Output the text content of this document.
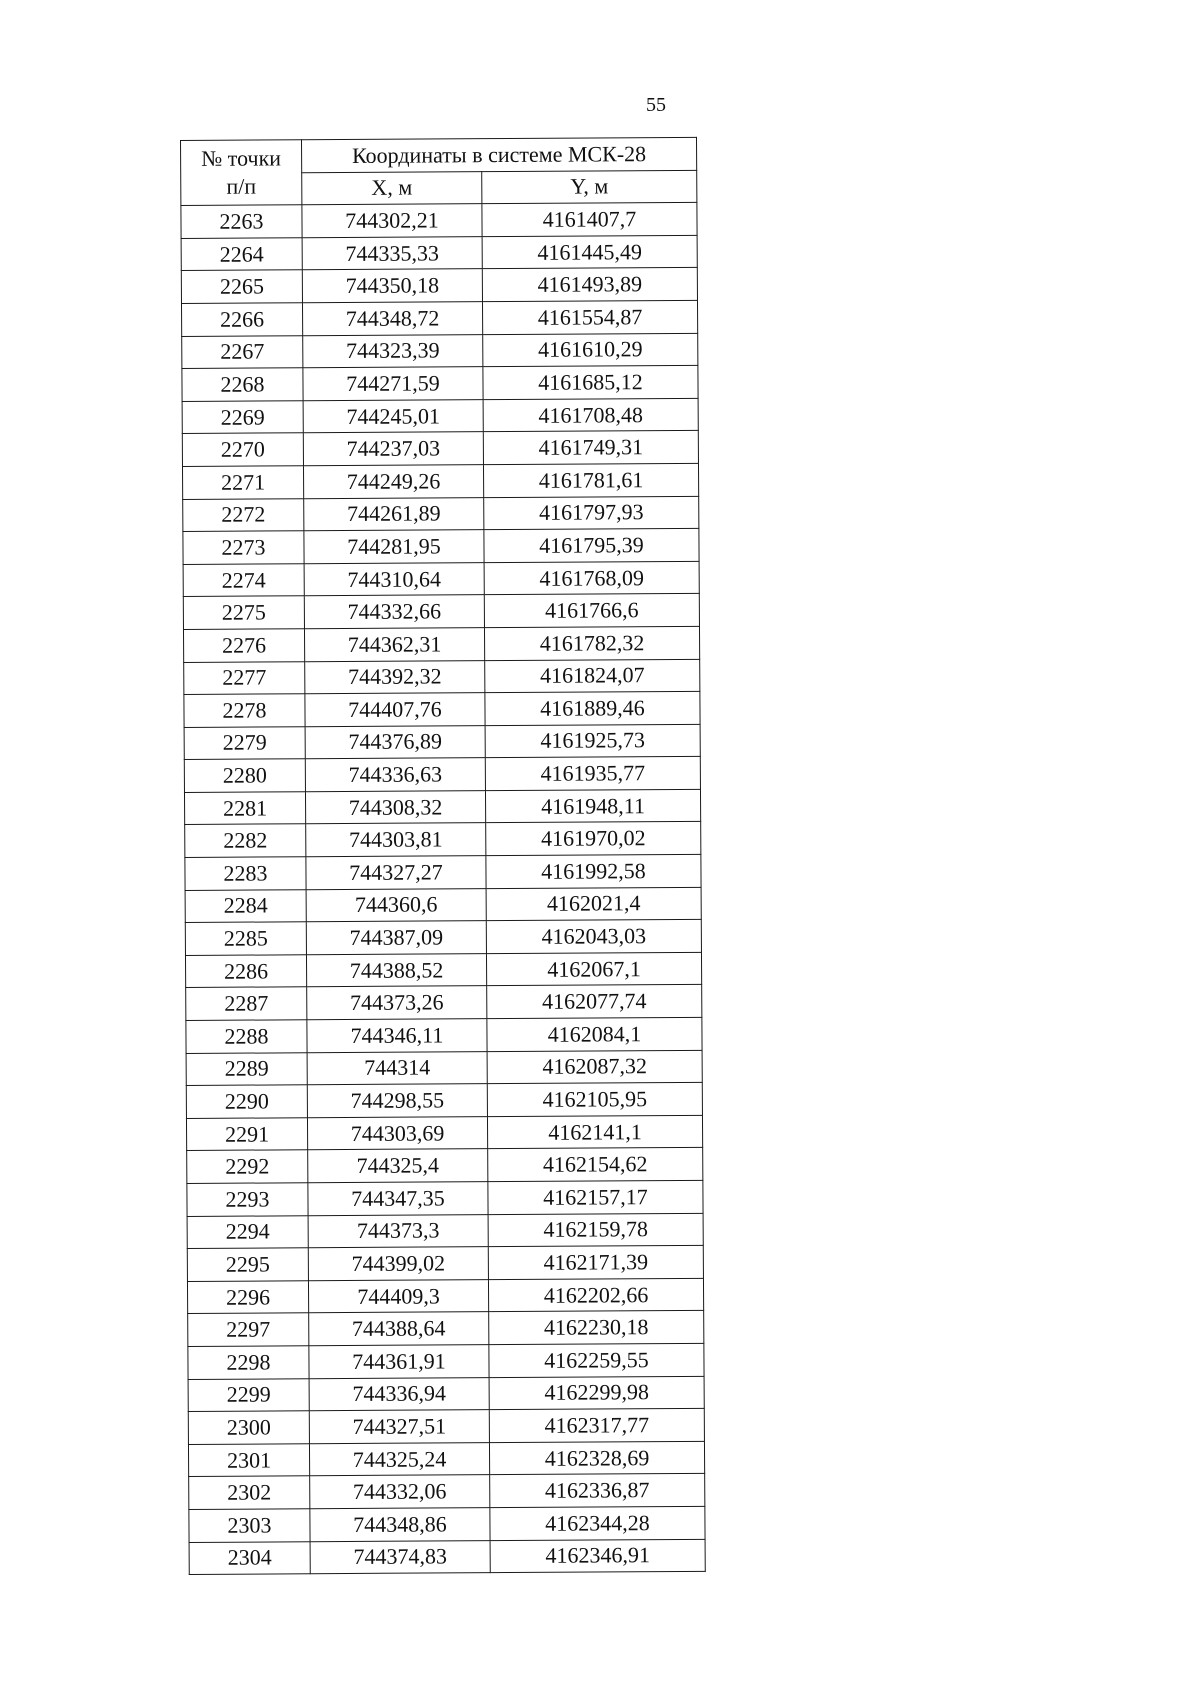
55
№ точки
п/п	Координаты в системе МСК-28	
	X, м	Y, м
2263	744302,21	4161407,7
2264	744335,33	4161445,49
2265	744350,18	4161493,89
2266	744348,72	4161554,87
2267	744323,39	4161610,29
2268	744271,59	4161685,12
2269	744245,01	4161708,48
2270	744237,03	4161749,31
2271	744249,26	4161781,61
2272	744261,89	4161797,93
2273	744281,95	4161795,39
2274	744310,64	4161768,09
2275	744332,66	4161766,6
2276	744362,31	4161782,32
2277	744392,32	4161824,07
2278	744407,76	4161889,46
2279	744376,89	4161925,73
2280	744336,63	4161935,77
2281	744308,32	4161948,11
2282	744303,81	4161970,02
2283	744327,27	4161992,58
2284	744360,6	4162021,4
2285	744387,09	4162043,03
2286	744388,52	4162067,1
2287	744373,26	4162077,74
2288	744346,11	4162084,1
2289	744314	4162087,32
2290	744298,55	4162105,95
2291	744303,69	4162141,1
2292	744325,4	4162154,62
2293	744347,35	4162157,17
2294	744373,3	4162159,78
2295	744399,02	4162171,39
2296	744409,3	4162202,66
2297	744388,64	4162230,18
2298	744361,91	4162259,55
2299	744336,94	4162299,98
2300	744327,51	4162317,77
2301	744325,24	4162328,69
2302	744332,06	4162336,87
2303	744348,86	4162344,28
2304	744374,83	4162346,91
